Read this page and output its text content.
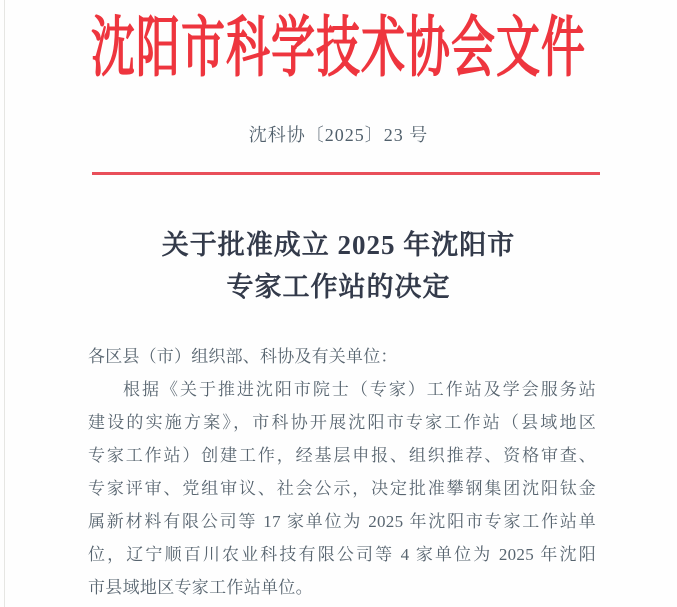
沈阳市科学技术协会文件
沈科协〔2025〕23 号
关于批准成立 2025 年沈阳市
专家工作站的决定
各区县（市）组织部、科协及有关单位：
根据《关于推进沈阳市院士（专家）工作站及学会服务站
建设的实施方案》，市科协开展沈阳市专家工作站（县域地区
专家工作站）创建工作，经基层申报、组织推荐、资格审查、
专家评审、党组审议、社会公示，决定批准攀钢集团沈阳钛金
属新材料有限公司等 17 家单位为 2025 年沈阳市专家工作站单
位，辽宁顺百川农业科技有限公司等 4 家单位为 2025 年沈阳
市县域地区专家工作站单位。
